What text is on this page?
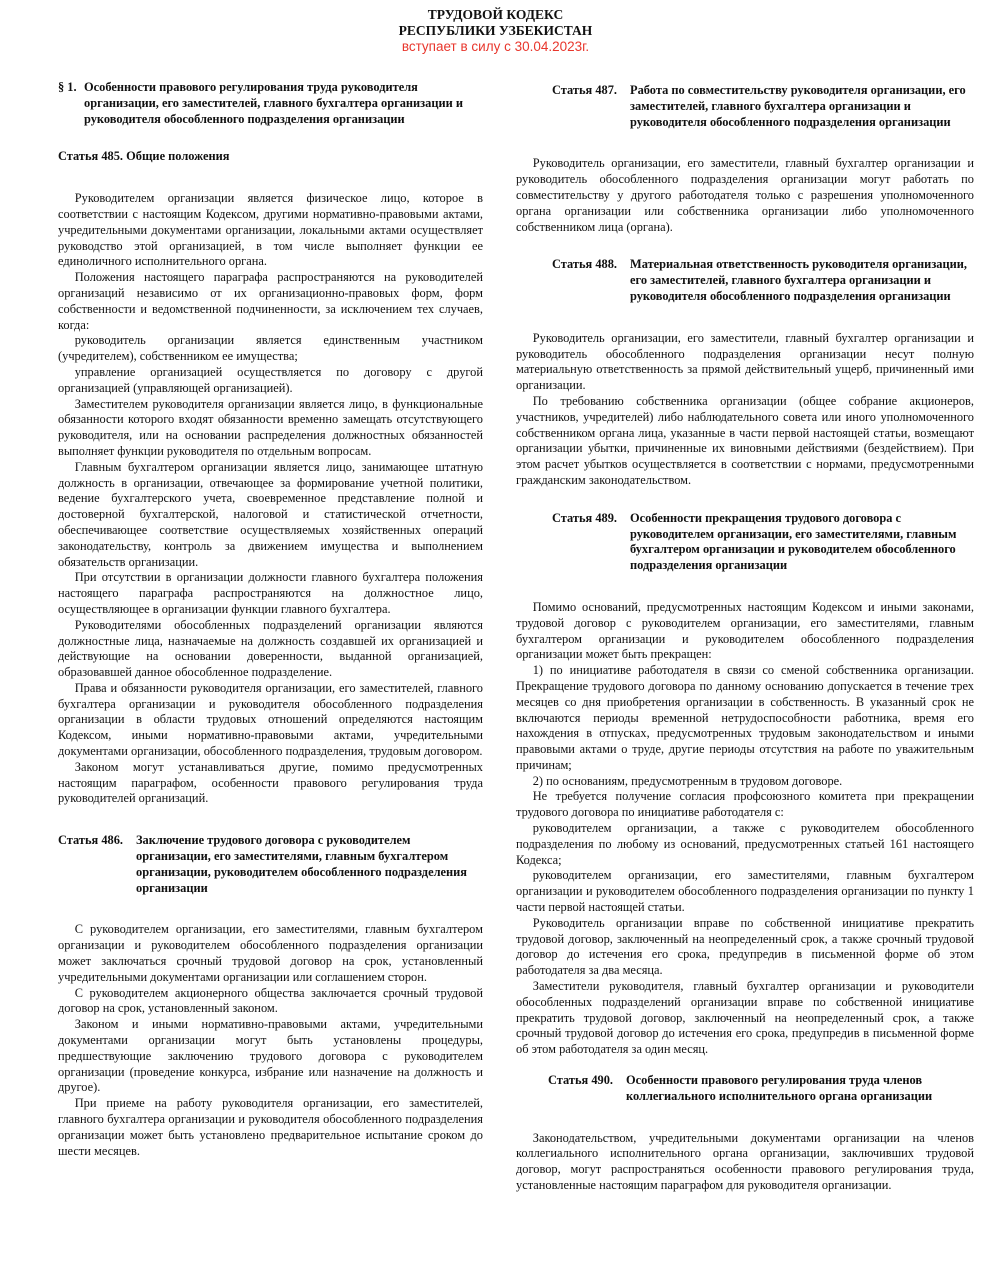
ТРУДОВОЙ КОДЕКС
РЕСПУБЛИКИ УЗБЕКИСТАН
вступает в силу с 30.04.2023г.

§ 1. Особенности правового регулирования труда руководителя организации, его заместителей, главного бухгалтера организации и руководителя обособленного подразделения организации

Статья 485. Общие положения

Руководителем организации является физическое лицо, которое в соответствии с настоящим Кодексом, другими нормативно-правовыми актами, учредительными документами организации, локальными актами осуществляет руководство этой организацией, в том числе выполняет функции ее единоличного исполнительного органа.

Положения настоящего параграфа распространяются на руководителей организаций независимо от их организационно-правовых форм, форм собственности и ведомственной подчиненности, за исключением тех случаев, когда:

руководитель организации является единственным участником (учредителем), собственником ее имущества;

управление организацией осуществляется по договору с другой организацией (управляющей организацией).

Заместителем руководителя организации является лицо, в функциональные обязанности которого входят обязанности временно замещать отсутствующего руководителя, или на основании распределения должностных обязанностей выполняет функции руководителя по отдельным вопросам.

Главным бухгалтером организации является лицо, занимающее штатную должность в организации, отвечающее за формирование учетной политики, ведение бухгалтерского учета, своевременное представление полной и достоверной бухгалтерской, налоговой и статистической отчетности, обеспечивающее соответствие осуществляемых хозяйственных операций законодательству, контроль за движением имущества и выполнением обязательств организации.

При отсутствии в организации должности главного бухгалтера положения настоящего параграфа распространяются на должностное лицо, осуществляющее в организации функции главного бухгалтера.

Руководителями обособленных подразделений организации являются должностные лица, назначаемые на должность создавшей их организацией и действующие на основании доверенности, выданной организацией, образовавшей данное обособленное подразделение.

Права и обязанности руководителя организации, его заместителей, главного бухгалтера организации и руководителя обособленного подразделения организации в области трудовых отношений определяются настоящим Кодексом, иными нормативно-правовыми актами, учредительными документами организации, обособленного подразделения, трудовым договором.

Законом могут устанавливаться другие, помимо предусмотренных настоящим параграфом, особенности правового регулирования труда руководителей организаций.

Статья 486.	Заключение трудового договора с руководителем организации, его заместителями, главным бухгалтером организации, руководителем обособленного подразделения организации

С руководителем организации, его заместителями, главным бухгалтером организации и руководителем обособленного подразделения организации может заключаться срочный трудовой договор на срок, установленный учредительными документами организации или соглашением сторон.

С руководителем акционерного общества заключается срочный трудовой договор на срок, установленный законом.

Законом и иными нормативно-правовыми актами, учредительными документами организации могут быть установлены процедуры, предшествующие заключению трудового договора с руководителем организации (проведение конкурса, избрание или назначение на должность и другое).

При приеме на работу руководителя организации, его заместителей, главного бухгалтера организации и руководителя обособленного подразделения организации может быть установлено предварительное испытание сроком до шести месяцев.

Статья 487.	Работа по совместительству руководителя организации, его заместителей, главного бухгалтера организации и руководителя обособленного подразделения организации

Руководитель организации, его заместители, главный бухгалтер организации и руководитель обособленного подразделения организации могут работать по совместительству у другого работодателя только с разрешения уполномоченного органа организации или собственника организации либо уполномоченного собственником лица (органа).

Статья 488.	Материальная ответственность руководителя организации, его заместителей, главного бухгалтера организации и руководителя обособленного подразделения организации

Руководитель организации, его заместители, главный бухгалтер организации и руководитель обособленного подразделения организации несут полную материальную ответственность за прямой действительный ущерб, причиненный ими организации.

По требованию собственника организации (общее собрание акционеров, участников, учредителей) либо наблюдательного совета или иного уполномоченного собственником органа лица, указанные в части первой настоящей статьи, возмещают организации убытки, причиненные их виновными действиями (бездействием). При этом расчет убытков осуществляется в соответствии с нормами, предусмотренными гражданским законодательством.

Статья 489.	Особенности прекращения трудового договора с руководителем организации, его заместителями, главным бухгалтером организации и руководителем обособленного подразделения организации

Помимо оснований, предусмотренных настоящим Кодексом и иными законами, трудовой договор с руководителем организации, его заместителями, главным бухгалтером организации и руководителем обособленного подразделения организации может быть прекращен:

1) по инициативе работодателя в связи со сменой собственника организации. Прекращение трудового договора по данному основанию допускается в течение трех месяцев со дня приобретения организации в собственность. В указанный срок не включаются периоды временной нетрудоспособности работника, время его нахождения в отпусках, предусмотренных трудовым законодательством и иными правовыми актами о труде, другие периоды отсутствия на работе по уважительным причинам;

2) по основаниям, предусмотренным в трудовом договоре.

Не требуется получение согласия профсоюзного комитета при прекращении трудового договора по инициативе работодателя с:

руководителем организации, а также с руководителем обособленного подразделения по любому из оснований, предусмотренных статьей 161 настоящего Кодекса;

руководителем организации, его заместителями, главным бухгалтером организации и руководителем обособленного подразделения организации по пункту 1 части первой настоящей статьи.

Руководитель организации вправе по собственной инициативе прекратить трудовой договор, заключенный на неопределенный срок, а также срочный трудовой договор до истечения его срока, предупредив в письменной форме об этом работодателя за два месяца.

Заместители руководителя, главный бухгалтер организации и руководители обособленных подразделений организации вправе по собственной инициативе прекратить трудовой договор, заключенный на неопределенный срок, а также срочный трудовой договор до истечения его срока, предупредив в письменной форме об этом работодателя за один месяц.

Статья 490.	Особенности правового регулирования труда членов коллегиального исполнительного органа организации

Законодательством, учредительными документами организации на членов коллегиального исполнительного органа организации, заключивших трудовой договор, могут распространяться особенности правового регулирования труда, установленные настоящим параграфом для руководителя организации.
